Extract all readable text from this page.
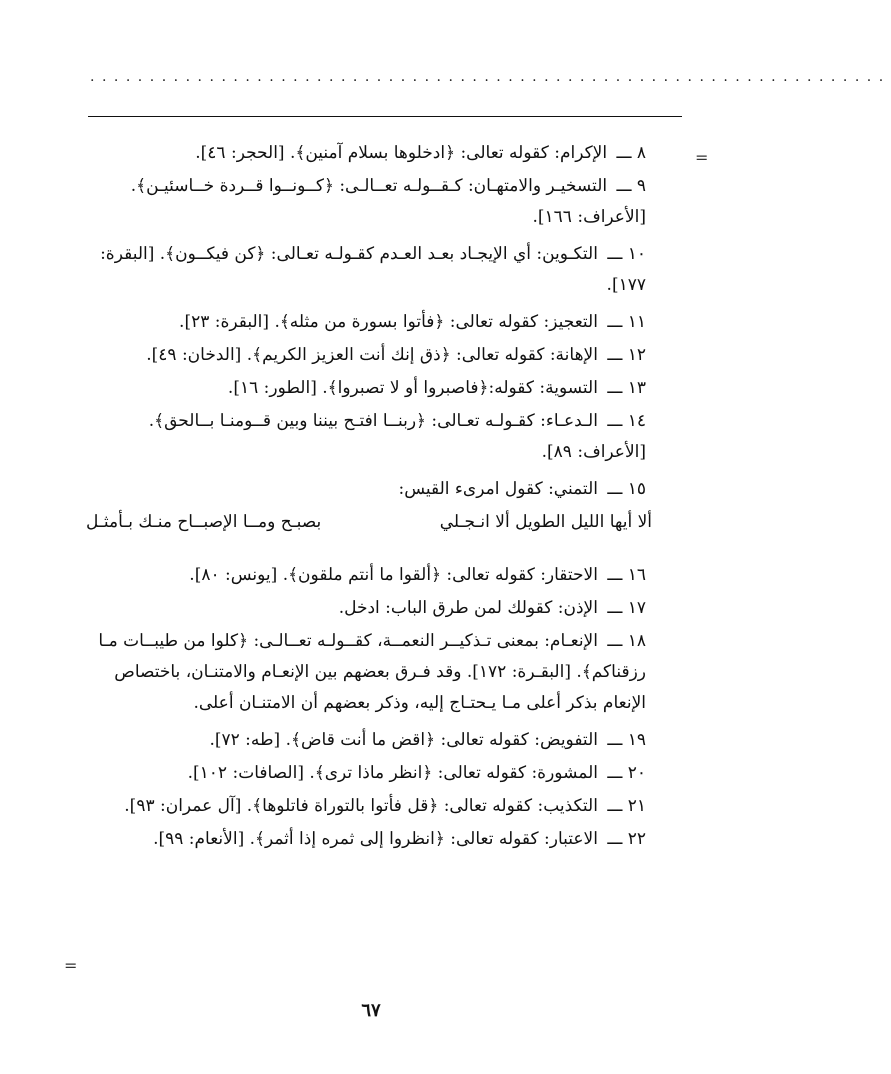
...................................................................
=
=
٨ ـــ الإكرام: كقوله تعالى: ﴿ادخلوها بسلام آمنين﴾. [الحجر: ٤٦].
٩ ـــ التسخيـر والامتهـان: كـقــولـه تعــالـى: ﴿كــونــوا قــردة خــاسئيـن﴾. [الأعراف: ١٦٦].
١٠ ـــ التكـوين: أي الإيجـاد بعـد العـدم كقـولـه تعـالى: ﴿كن فيكــون﴾. [البقرة: ١٧٧].
١١ ـــ التعجيز: كقوله تعالى: ﴿فأتوا بسورة من مثله﴾. [البقرة: ٢٣].
١٢ ـــ الإهانة: كقوله تعالى: ﴿ذق إنك أنت العزيز الكريم﴾. [الدخان: ٤٩].
١٣ ـــ التسوية: كقوله:﴿فاصبروا أو لا تصبروا﴾. [الطور: ١٦].
١٤ ـــ الـدعـاء: كقـولـه تعـالى: ﴿ربنــا افتـح بيننا وبين قــومنـا بــالحق﴾. [الأعراف: ٨٩].
١٥ ـــ التمني: كقول امرىء القيس:
ألا أيها الليل الطويل ألا انـجـلي
بصبـح ومــا الإصبــاح منـك بـأمثـل
١٦ ـــ الاحتقار: كقوله تعالى: ﴿ألقوا ما أنتم ملقون﴾. [يونس: ٨٠].
١٧ ـــ الإذن: كقولك لمن طرق الباب: ادخل.
١٨ ـــ الإنعـام: بمعنى تـذكيــر النعمــة، كقــولـه تعــالـى: ﴿كلوا من طيبــات مـا رزقناكم﴾. [البقـرة: ١٧٢]. وقد فـرق بعضهم بين الإنعـام والامتنـان، باختصاص الإنعام بذكر أعلى مـا يـحتـاج إليه، وذكر بعضهم أن الامتنـان أعلى.
١٩ ـــ التفويض: كقوله تعالى: ﴿اقض ما أنت قاض﴾. [طه: ٧٢].
٢٠ ـــ المشورة: كقوله تعالى: ﴿انظر ماذا ترى﴾. [الصافات: ١٠٢].
٢١ ـــ التكذيب: كقوله تعالى: ﴿قل فأتوا بالتوراة فاتلوها﴾. [آل عمران: ٩٣].
٢٢ ـــ الاعتبار: كقوله تعالى: ﴿انظروا إلى ثمره إذا أثمر﴾. [الأنعام: ٩٩].
٦٧
